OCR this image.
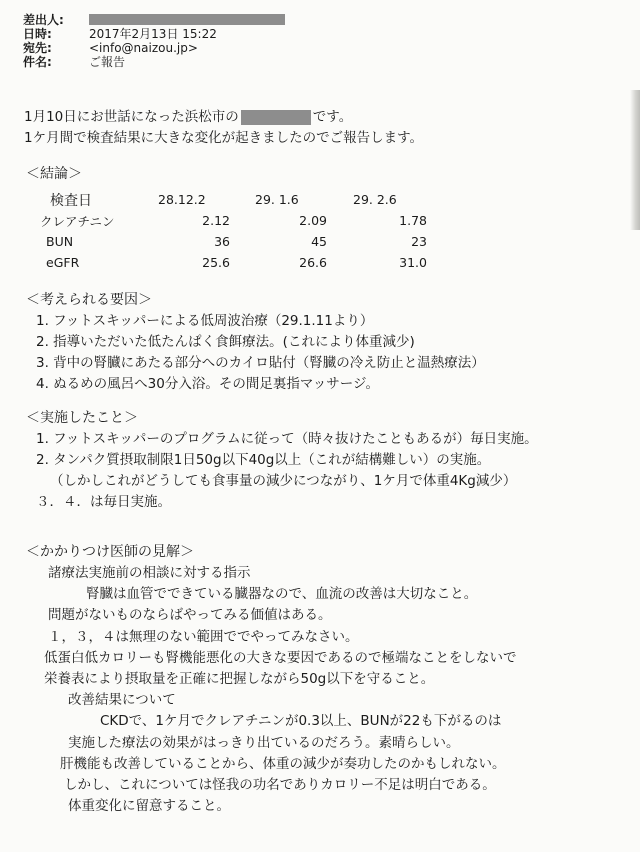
差出人:
日時:	2017年2月13日 15:22
宛先:	<info@naizou.jp>
件名:	ご報告
1月10日にお世話になった浜松市の	です。
1ケ月間で検査結果に大きな変化が起きましたのでご報告します。
＜結論＞
検査日	28.12.2	29. 1.6	29. 2.6
クレアチニン	2.12	2.09	1.78
BUN	36	45	23
eGFR	25.6	26.6	31.0
＜考えられる要因＞
1. フットスキッパーによる低周波治療（29.1.11より）
2. 指導いただいた低たんぱく食餌療法。(これにより体重減少)
3. 背中の腎臓にあたる部分へのカイロ貼付（腎臓の冷え防止と温熱療法）
4. ぬるめの風呂へ30分入浴。その間足裏指マッサージ。
＜実施したこと＞
1. フットスキッパーのプログラムに従って（時々抜けたこともあるが）毎日実施。
2. タンパク質摂取制限1日50g以下40g以上（これが結構難しい）の実施。
（しかしこれがどうしても食事量の減少につながり、1ケ月で体重4Kg減少）
３．４．は毎日実施。
＜かかりつけ医師の見解＞
諸療法実施前の相談に対する指示
腎臓は血管でできている臓器なので、血流の改善は大切なこと。
問題がないものならばやってみる価値はある。
１，３，４は無理のない範囲ででやってみなさい。
低蛋白低カロリーも腎機能悪化の大きな要因であるので極端なことをしないで
栄養表により摂取量を正確に把握しながら50g以下を守ること。
改善結果について
CKDで、1ケ月でクレアチニンが0.3以上、BUNが22も下がるのは
実施した療法の効果がはっきり出ているのだろう。素晴らしい。
肝機能も改善していることから、体重の減少が奏功したのかもしれない。
しかし、これについては怪我の功名でありカロリー不足は明白である。
体重変化に留意すること。
